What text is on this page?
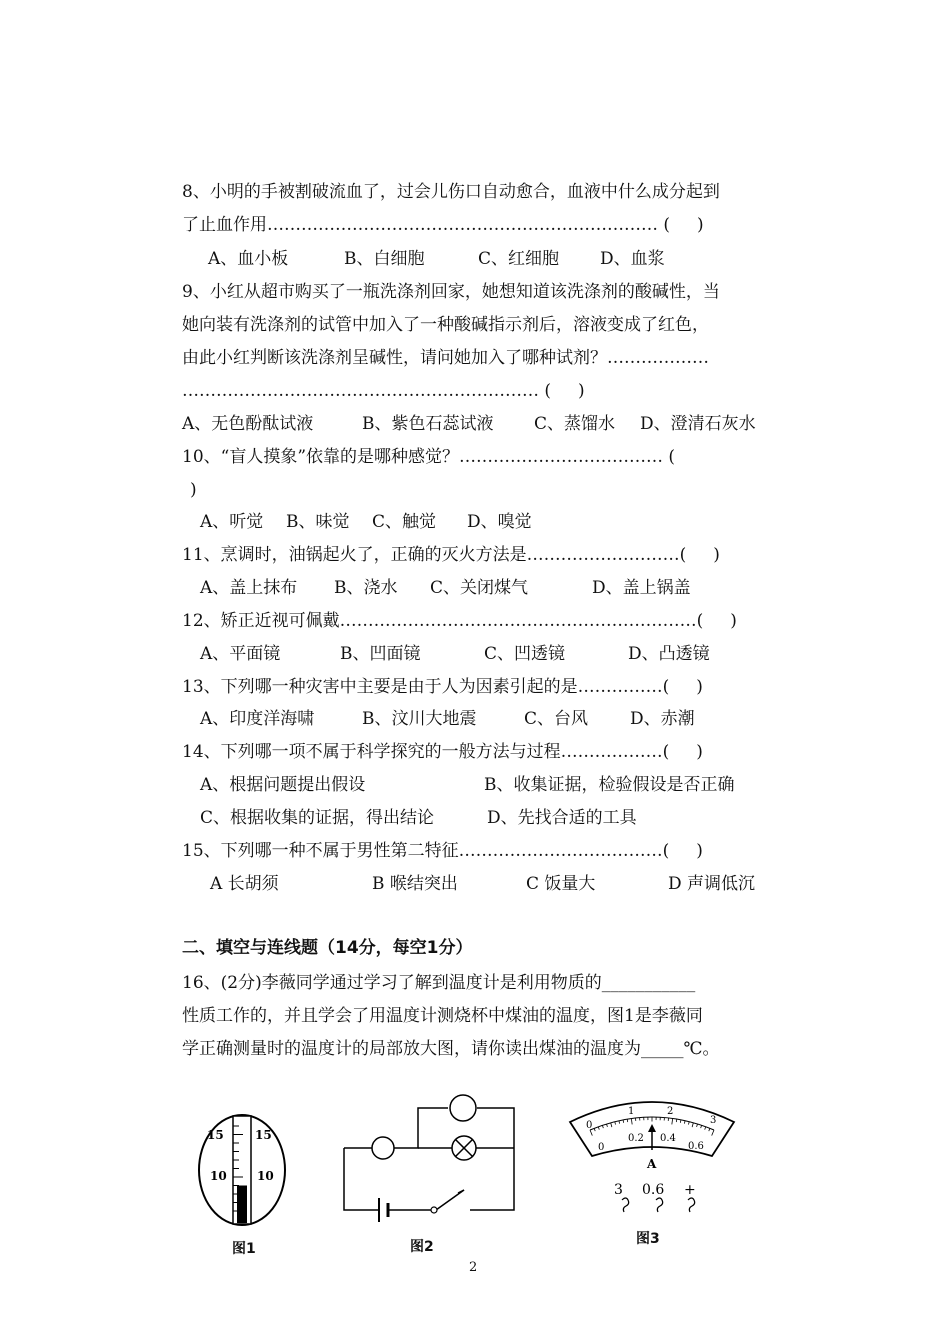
8、小明的手被割破流血了，过会儿伤口自动愈合，血液中什么成分起到
了止血作用…………………………………………………………… (     )
A、血小板	B、白细胞	C、红细胞 D、血浆
9、小红从超市购买了一瓶洗涤剂回家，她想知道该洗涤剂的酸碱性，当
她向装有洗涤剂的试管中加入了一种酸碱指示剂后，溶液变成了红色，
由此小红判断该洗涤剂呈碱性，请问她加入了哪种试剂？………………
……………………………………………………… (     )
A、无色酚酞试液	B、紫色石蕊试液 C、蒸馏水 D、澄清石灰水
10、“盲人摸象”依靠的是哪种感觉？……………………………… (
)
A、听觉 B、味觉 C、触觉 D、嗅觉
11、烹调时，油锅起火了，正确的灭火方法是………………………(     )
A、盖上抹布 B、浇水 C、关闭煤气	D、盖上锅盖
12、矫正近视可佩戴………………………………………………………(     )
A、平面镜	B、凹面镜	C、凹透镜	D、凸透镜
13、下列哪一种灾害中主要是由于人为因素引起的是……………(     )
A、印度洋海啸	B、汶川大地震	C、台风 D、赤潮
14、下列哪一项不属于科学探究的一般方法与过程………………(     )
A、根据问题提出假设	B、收集证据，检验假设是否正确
C、根据收集的证据，得出结论	D、先找合适的工具
15、下列哪一种不属于男性第二特征………………………………(     )
A 长胡须	B 喉结突出	C 饭量大	D 声调低沉
二、填空与连线题（14分，每空1分）
16、(2分)李薇同学通过学习了解到温度计是利用物质的___________
性质工作的，并且学会了用温度计测烧杯中煤油的温度，图1是李薇同
学正确测量时的温度计的局部放大图，请你读出煤油的温度为_____℃。
15	15
10	10
图1	图2
0
1	2
3
0
0.2 0.4
0.6
A
3 0.6 +
图3
2
